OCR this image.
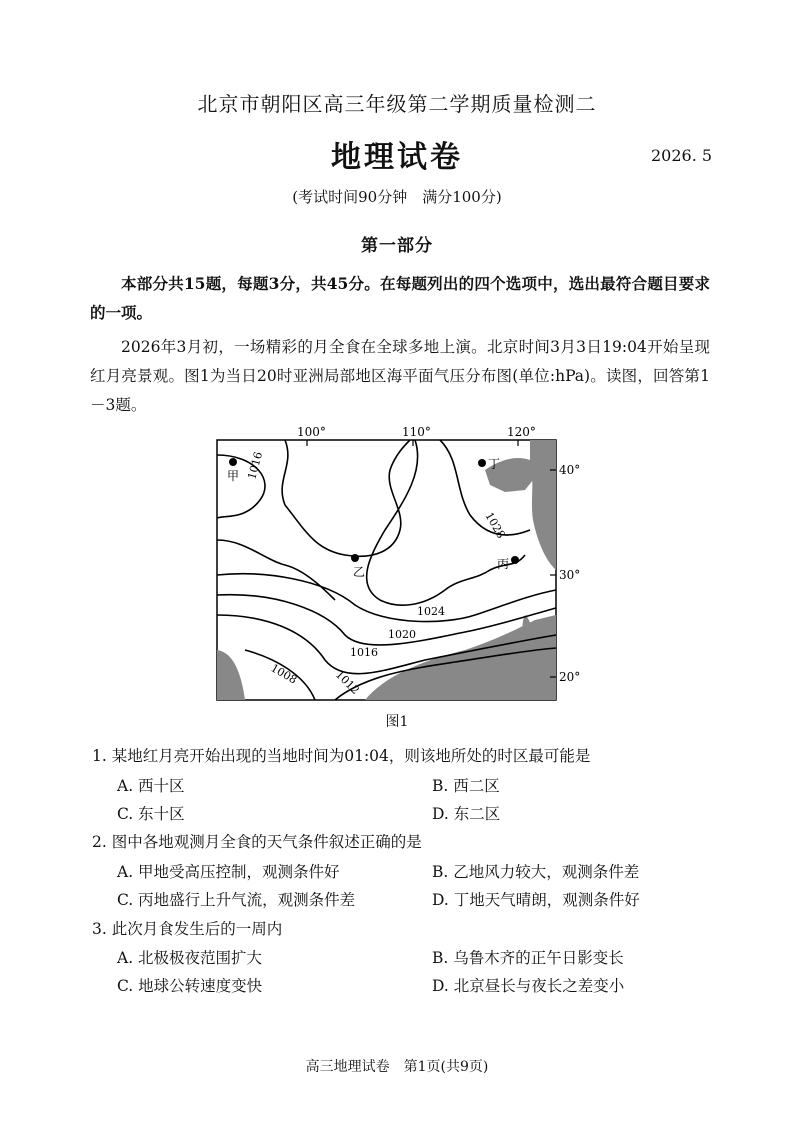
北京市朝阳区高三年级第二学期质量检测二
地理试卷	2026. 5
(考试时间90分钟　满分100分)
第一部分
本部分共15题，每题3分，共45分。在每题列出的四个选项中，选出最符合题目要求的一项。
2026年3月初，一场精彩的月全食在全球多地上演。北京时间3月3日19:04开始呈现红月亮景观。图1为当日20时亚洲局部地区海平面气压分布图(单位:hPa)。读图，回答第1－3题。
1016
1028
1024
1020
1016
1008	1012
100°	110°	120°
40°
30°
20°
甲
乙
丙
丁
图1
1. 某地红月亮开始出现的当地时间为01:04，则该地所处的时区最可能是
A. 西十区	B. 西二区
C. 东十区	D. 东二区
2. 图中各地观测月全食的天气条件叙述正确的是
A. 甲地受高压控制，观测条件好	B. 乙地风力较大，观测条件差
C. 丙地盛行上升气流，观测条件差	D. 丁地天气晴朗，观测条件好
3. 此次月食发生后的一周内
A. 北极极夜范围扩大	B. 乌鲁木齐的正午日影变长
C. 地球公转速度变快	D. 北京昼长与夜长之差变小
高三地理试卷　第1页(共9页)
